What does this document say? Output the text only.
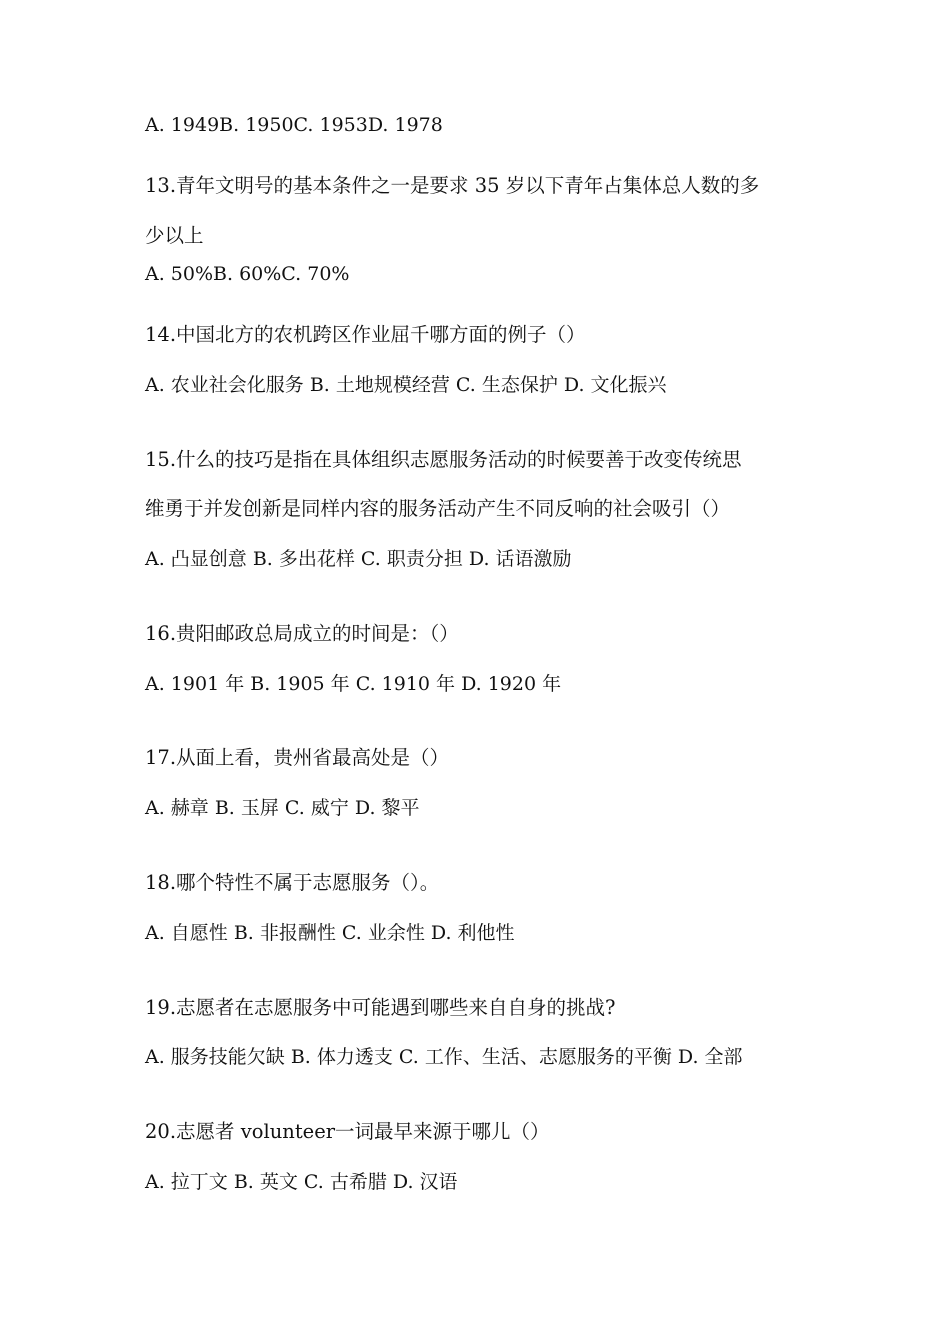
A. 1949B. 1950C. 1953D. 1978
13.青年文明号的基本条件之一是要求 35 岁以下青年占集体总人数的多
少以上
A. 50%B. 60%C. 70%
14.中国北方的农机跨区作业屈千哪方面的例子（）
A. 农业社会化服务 B. 土地规模经营 C. 生态保护 D. 文化振兴
15.什么的技巧是指在具体组织志愿服务活动的时候要善于改变传统思
维勇于并发创新是同样内容的服务活动产生不同反响的社会吸引（）
A. 凸显创意 B. 多出花样 C. 职责分担 D. 话语激励
16.贵阳邮政总局成立的时间是：（）
A. 1901 年 B. 1905 年 C. 1910 年 D. 1920 年
17.从面上看，贵州省最高处是（）
A. 赫章 B. 玉屏 C. 威宁 D. 黎平
18.哪个特性不属于志愿服务（）。
A. 自愿性 B. 非报酬性 C. 业余性 D. 利他性
19.志愿者在志愿服务中可能遇到哪些来自自身的挑战?
A. 服务技能欠缺 B. 体力透支 C. 工作、生活、志愿服务的平衡 D. 全部
20.志愿者 volunteer一词最早来源于哪儿（）
A. 拉丁文 B. 英文 C. 古希腊 D. 汉语
